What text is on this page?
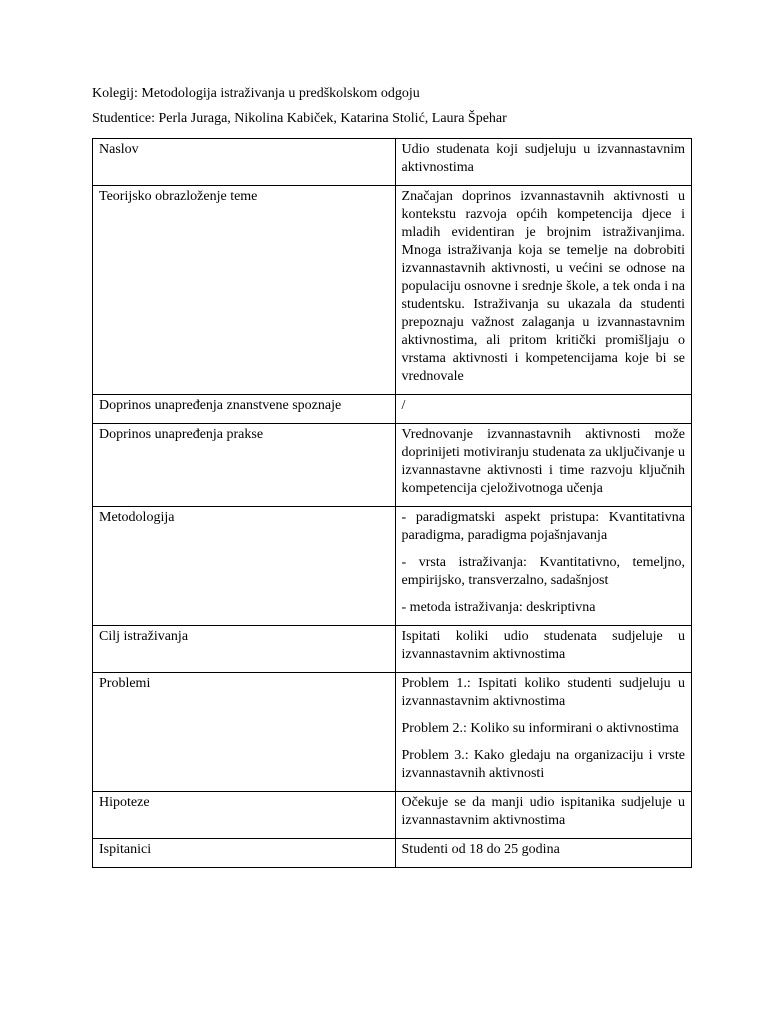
Kolegij: Metodologija istraživanja u predškolskom odgoju

Studentice: Perla Juraga, Nikolina Kabiček, Katarina Stolić, Laura Špehar

Naslov	Udio studenata koji sudjeluju u izvannastavnim aktivnostima

Teorijsko obrazloženje teme	Značajan doprinos izvannastavnih aktivnosti u kontekstu razvoja općih kompetencija djece i mladih evidentiran je brojnim istraživanjima. Mnoga istraživanja koja se temelje na dobrobiti izvannastavnih aktivnosti, u većini se odnose na populaciju osnovne i srednje škole, a tek onda i na studentsku. Istraživanja su ukazala da studenti prepoznaju važnost zalaganja u izvannastavnim aktivnostima, ali pritom kritički promišljaju o vrstama aktivnosti i kompetencijama koje bi se vrednovale

Doprinos unapređenja znanstvene spoznaje	/

Doprinos unapređenja prakse	Vrednovanje izvannastavnih aktivnosti može doprinijeti motiviranju studenata za uključivanje u izvannastavne aktivnosti i time razvoju ključnih kompetencija cjeloživotnoga učenja

Metodologija	- paradigmatski aspekt pristupa: Kvantitativna paradigma, paradigma pojašnjavanja

- vrsta istraživanja: Kvantitativno, temeljno, empirijsko, transverzalno, sadašnjost

- metoda istraživanja: deskriptivna

Cilj istraživanja	Ispitati koliki udio studenata sudjeluje u izvannastavnim aktivnostima

Problemi	Problem 1.: Ispitati koliko studenti sudjeluju u izvannastavnim aktivnostima

Problem 2.: Koliko su informirani o aktivnostima

Problem 3.: Kako gledaju na organizaciju i vrste izvannastavnih aktivnosti

Hipoteze	Očekuje se da manji udio ispitanika sudjeluje u izvannastavnim aktivnostima

Ispitanici	Studenti od 18 do 25 godina
